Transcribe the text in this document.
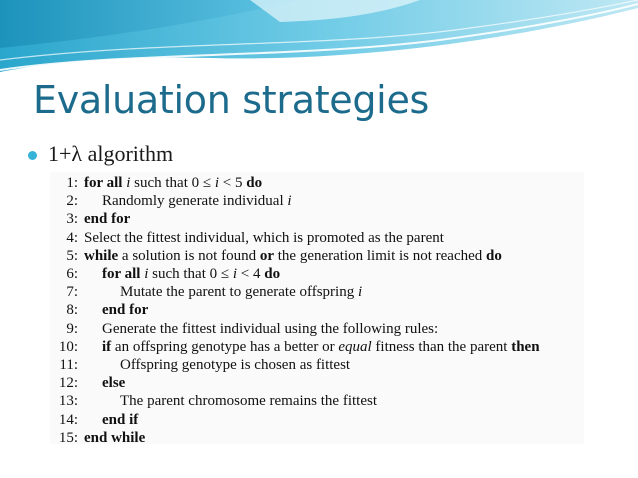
Evaluation strategies
1+λ algorithm
1: for all i such that 0 ≤ i < 5 do
2:	Randomly generate individual i
3: end for
4: Select the fittest individual, which is promoted as the parent
5: while a solution is not found or the generation limit is not reached do
6:	for all i such that 0 ≤ i < 4 do
7:	Mutate the parent to generate offspring i
8:	end for
9:	Generate the fittest individual using the following rules:
10:	if an offspring genotype has a better or equal fitness than the parent then
11:	Offspring genotype is chosen as fittest
12:	else
13:	The parent chromosome remains the fittest
14:	end if
15: end while
